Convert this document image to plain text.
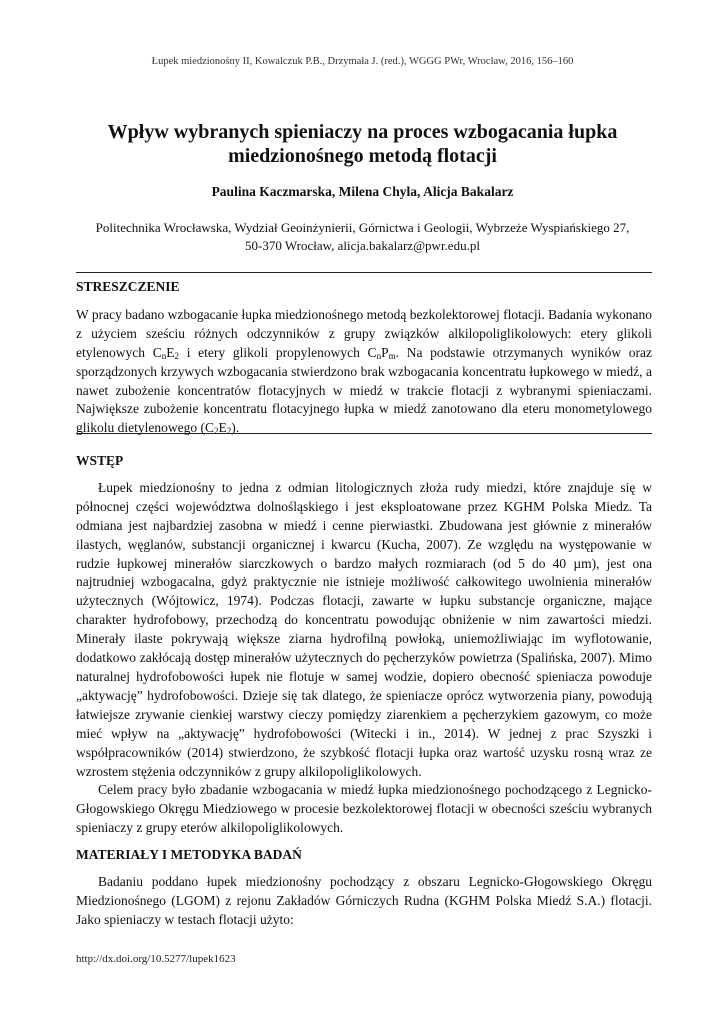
Łupek miedzionośny II, Kowalczuk P.B., Drzymała J. (red.), WGGG PWr, Wrocław, 2016, 156–160
Wpływ wybranych spieniaczy na proces wzbogacania łupka
miedzionośnego metodą flotacji
Paulina Kaczmarska, Milena Chyla, Alicja Bakalarz
Politechnika Wrocławska, Wydział Geoinżynierii, Górnictwa i Geologii, Wybrzeże Wyspiańskiego 27,
50-370 Wrocław, alicja.bakalarz@pwr.edu.pl

STRESZCZENIE

W pracy badano wzbogacanie łupka miedzionośnego metodą bezkolektorowej flotacji. Badania wykonano z użyciem sześciu różnych odczynników z grupy związków alkilopoliglikolowych: etery glikoli etylenowych $C_nE_2$ i etery glikoli propylenowych $C_nP_m$. Na podstawie otrzymanych wyników oraz sporządzonych krzywych wzbogacania stwierdzono brak wzbogacania koncentratu łupkowego w miedź, a nawet zubożenie koncentratów flotacyjnych w miedź w trakcie flotacji z wybranymi spieniaczami. Największe zubożenie koncentratu flotacyjnego łupka w miedź zanotowano dla eteru monometylowego glikolu dietylenowego $(C_2E_2)$.

WSTĘP

Łupek miedzionośny to jedna z odmian litologicznych złoża rudy miedzi, które znajduje się w północnej części województwa dolnośląskiego i jest eksploatowane przez KGHM Polska Miedz. Ta odmiana jest najbardziej zasobna w miedź i cenne pierwiastki. Zbudowana jest głównie z minerałów ilastych, węglanów, substancji organicznej i kwarcu (Kucha, 2007). Ze względu na występowanie w rudzie łupkowej minerałów siarczkowych o bardzo małych rozmiarach (od 5 do 40 µm), jest ona najtrudniej wzbogacalna, gdyż praktycznie nie istnieje możliwość całkowitego uwolnienia minerałów użytecznych (Wójtowicz, 1974). Podczas flotacji, zawarte w łupku substancje organiczne, mające charakter hydrofobowy, przechodzą do koncentratu powodując obniżenie w nim zawartości miedzi. Minerały ilaste pokrywają większe ziarna hydrofilną powłoką, uniemożliwiając im wyflotowanie, dodatkowo zakłócają dostęp minerałów użytecznych do pęcherzyków powietrza (Spalińska, 2007). Mimo naturalnej hydrofobowości łupek nie flotuje w samej wodzie, dopiero obecność spieniacza powoduje „aktywację” hydrofobowości. Dzieje się tak dlatego, że spieniacze oprócz wytworzenia piany, powodują łatwiejsze zrywanie cienkiej warstwy cieczy pomiędzy ziarenkiem a pęcherzykiem gazowym, co może mieć wpływ na „aktywację” hydrofobowości (Witecki i in., 2014). W jednej z prac Szyszki i współpracowników (2014) stwierdzono, że szybkość flotacji łupka oraz wartość uzysku rosną wraz ze wzrostem stężenia odczynników z grupy alkilopoliglikolowych.

Celem pracy było zbadanie wzbogacania w miedź łupka miedzionośnego pochodzącego z Legnicko-Głogowskiego Okręgu Miedziowego w procesie bezkolektorowej flotacji w obecności sześciu wybranych spieniaczy z grupy eterów alkilopoliglikolowych.

MATERIAŁY I METODYKA BADAŃ

Badaniu poddano łupek miedzionośny pochodzący z obszaru Legnicko-Głogowskiego Okręgu Miedzionośnego (LGOM) z rejonu Zakładów Górniczych Rudna (KGHM Polska Miedź S.A.) flotacji. Jako spieniaczy w testach flotacji użyto:

http://dx.doi.org/10.5277/lupek1623
